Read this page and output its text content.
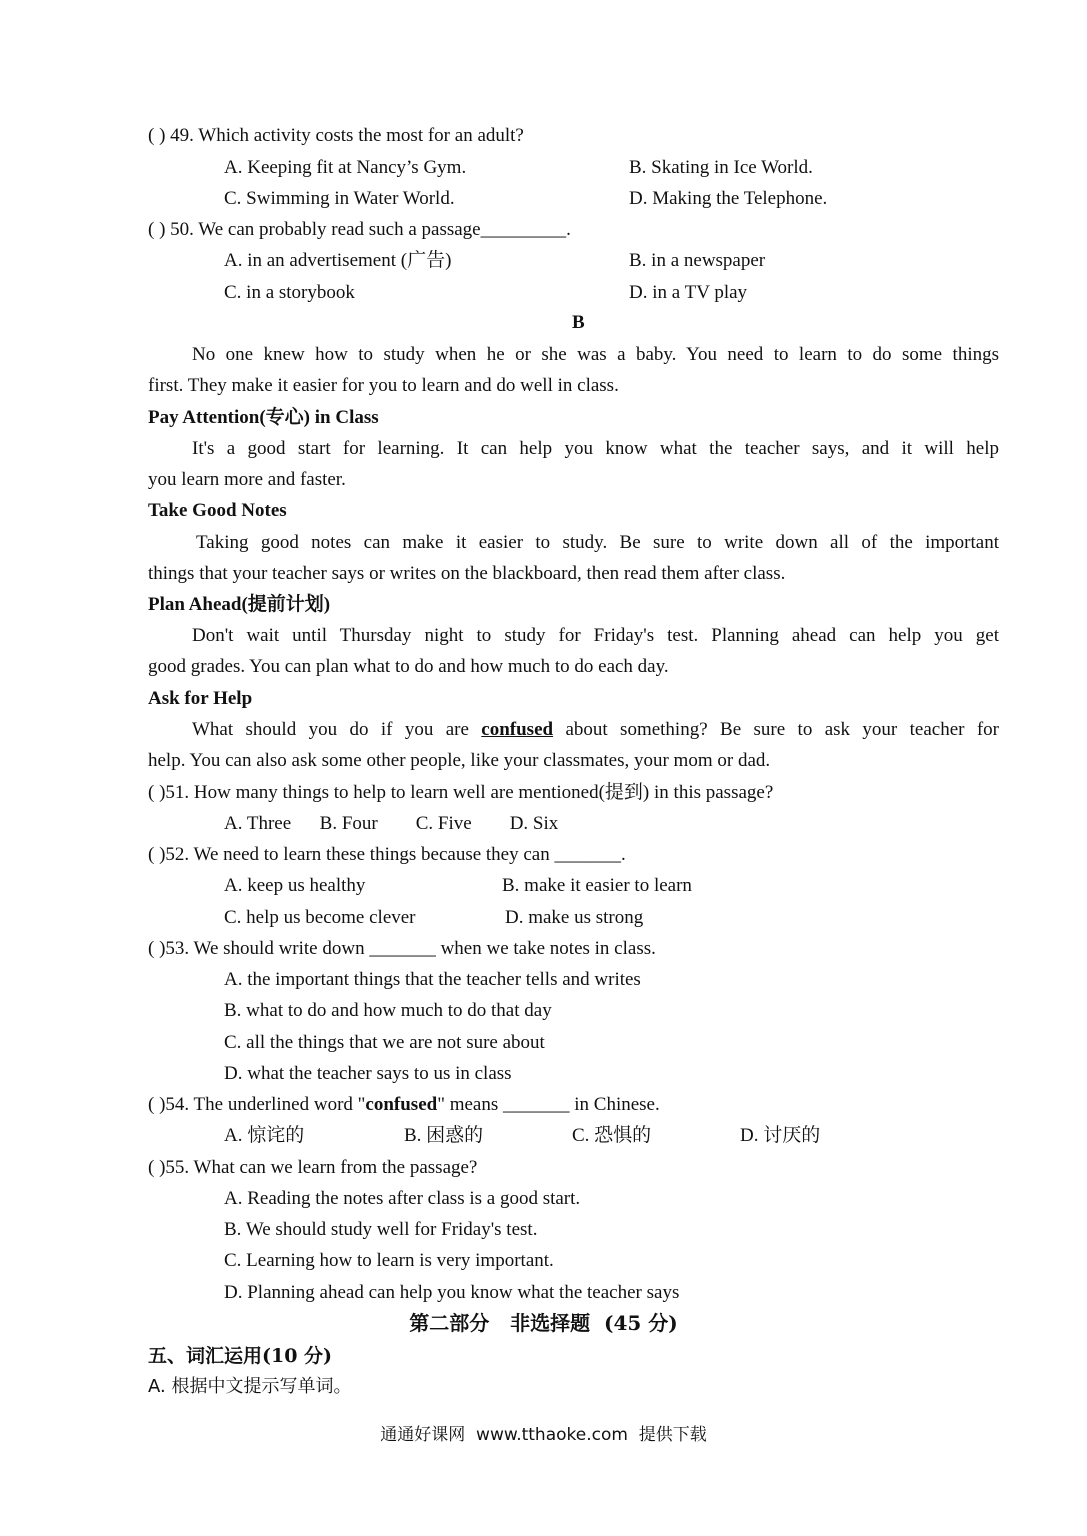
( ) 49. Which activity costs the most for an adult?
A. Keeping fit at Nancy’s Gym.	B. Skating in Ice World.
C. Swimming in Water World.	D. Making the Telephone.
( ) 50. We can probably read such a passage_________.
A. in an advertisement (广告)	B. in a newspaper
C. in a storybook	D. in a TV play
B
No one knew how to study when he or she was a baby. You need to learn to do some things
first. They make it easier for you to learn and do well in class.
Pay Attention(专心) in Class
It's a good start for learning. It can help you know what the teacher says, and it will help
you learn more and faster.
Take Good Notes
Taking good notes can make it easier to study. Be sure to write down all of the important
things that your teacher says or writes on the blackboard, then read them after class.
Plan Ahead(提前计划)
Don't wait until Thursday night to study for Friday's test. Planning ahead can help you get
good grades. You can plan what to do and how much to do each day.
Ask for Help
What should you do if you are confused about something? Be sure to ask your teacher for
help. You can also ask some other people, like your classmates, your mom or dad.
( )51. How many things to help to learn well are mentioned(提到) in this passage?
A. Three      B. Four        C. Five        D. Six
( )52. We need to learn these things because they can _______.
A. keep us healthy	B. make it easier to learn
C. help us become clever	D. make us strong
( )53. We should write down _______ when we take notes in class.
A. the important things that the teacher tells and writes
B. what to do and how much to do that day
C. all the things that we are not sure about
D. what the teacher says to us in class
( )54. The underlined word "confused" means _______ in Chinese.
A. 惊诧的	B. 困惑的	C. 恐惧的	D. 讨厌的
( )55. What can we learn from the passage?
A. Reading the notes after class is a good start.
B. We should study well for Friday's test.
C. Learning how to learn is very important.
D. Planning ahead can help you know what the teacher says
第二部分   非选择题  (45 分)
五、词汇运用(10 分)
A. 根据中文提示写单词。
通通好课网  www.tthaoke.com  提供下载
